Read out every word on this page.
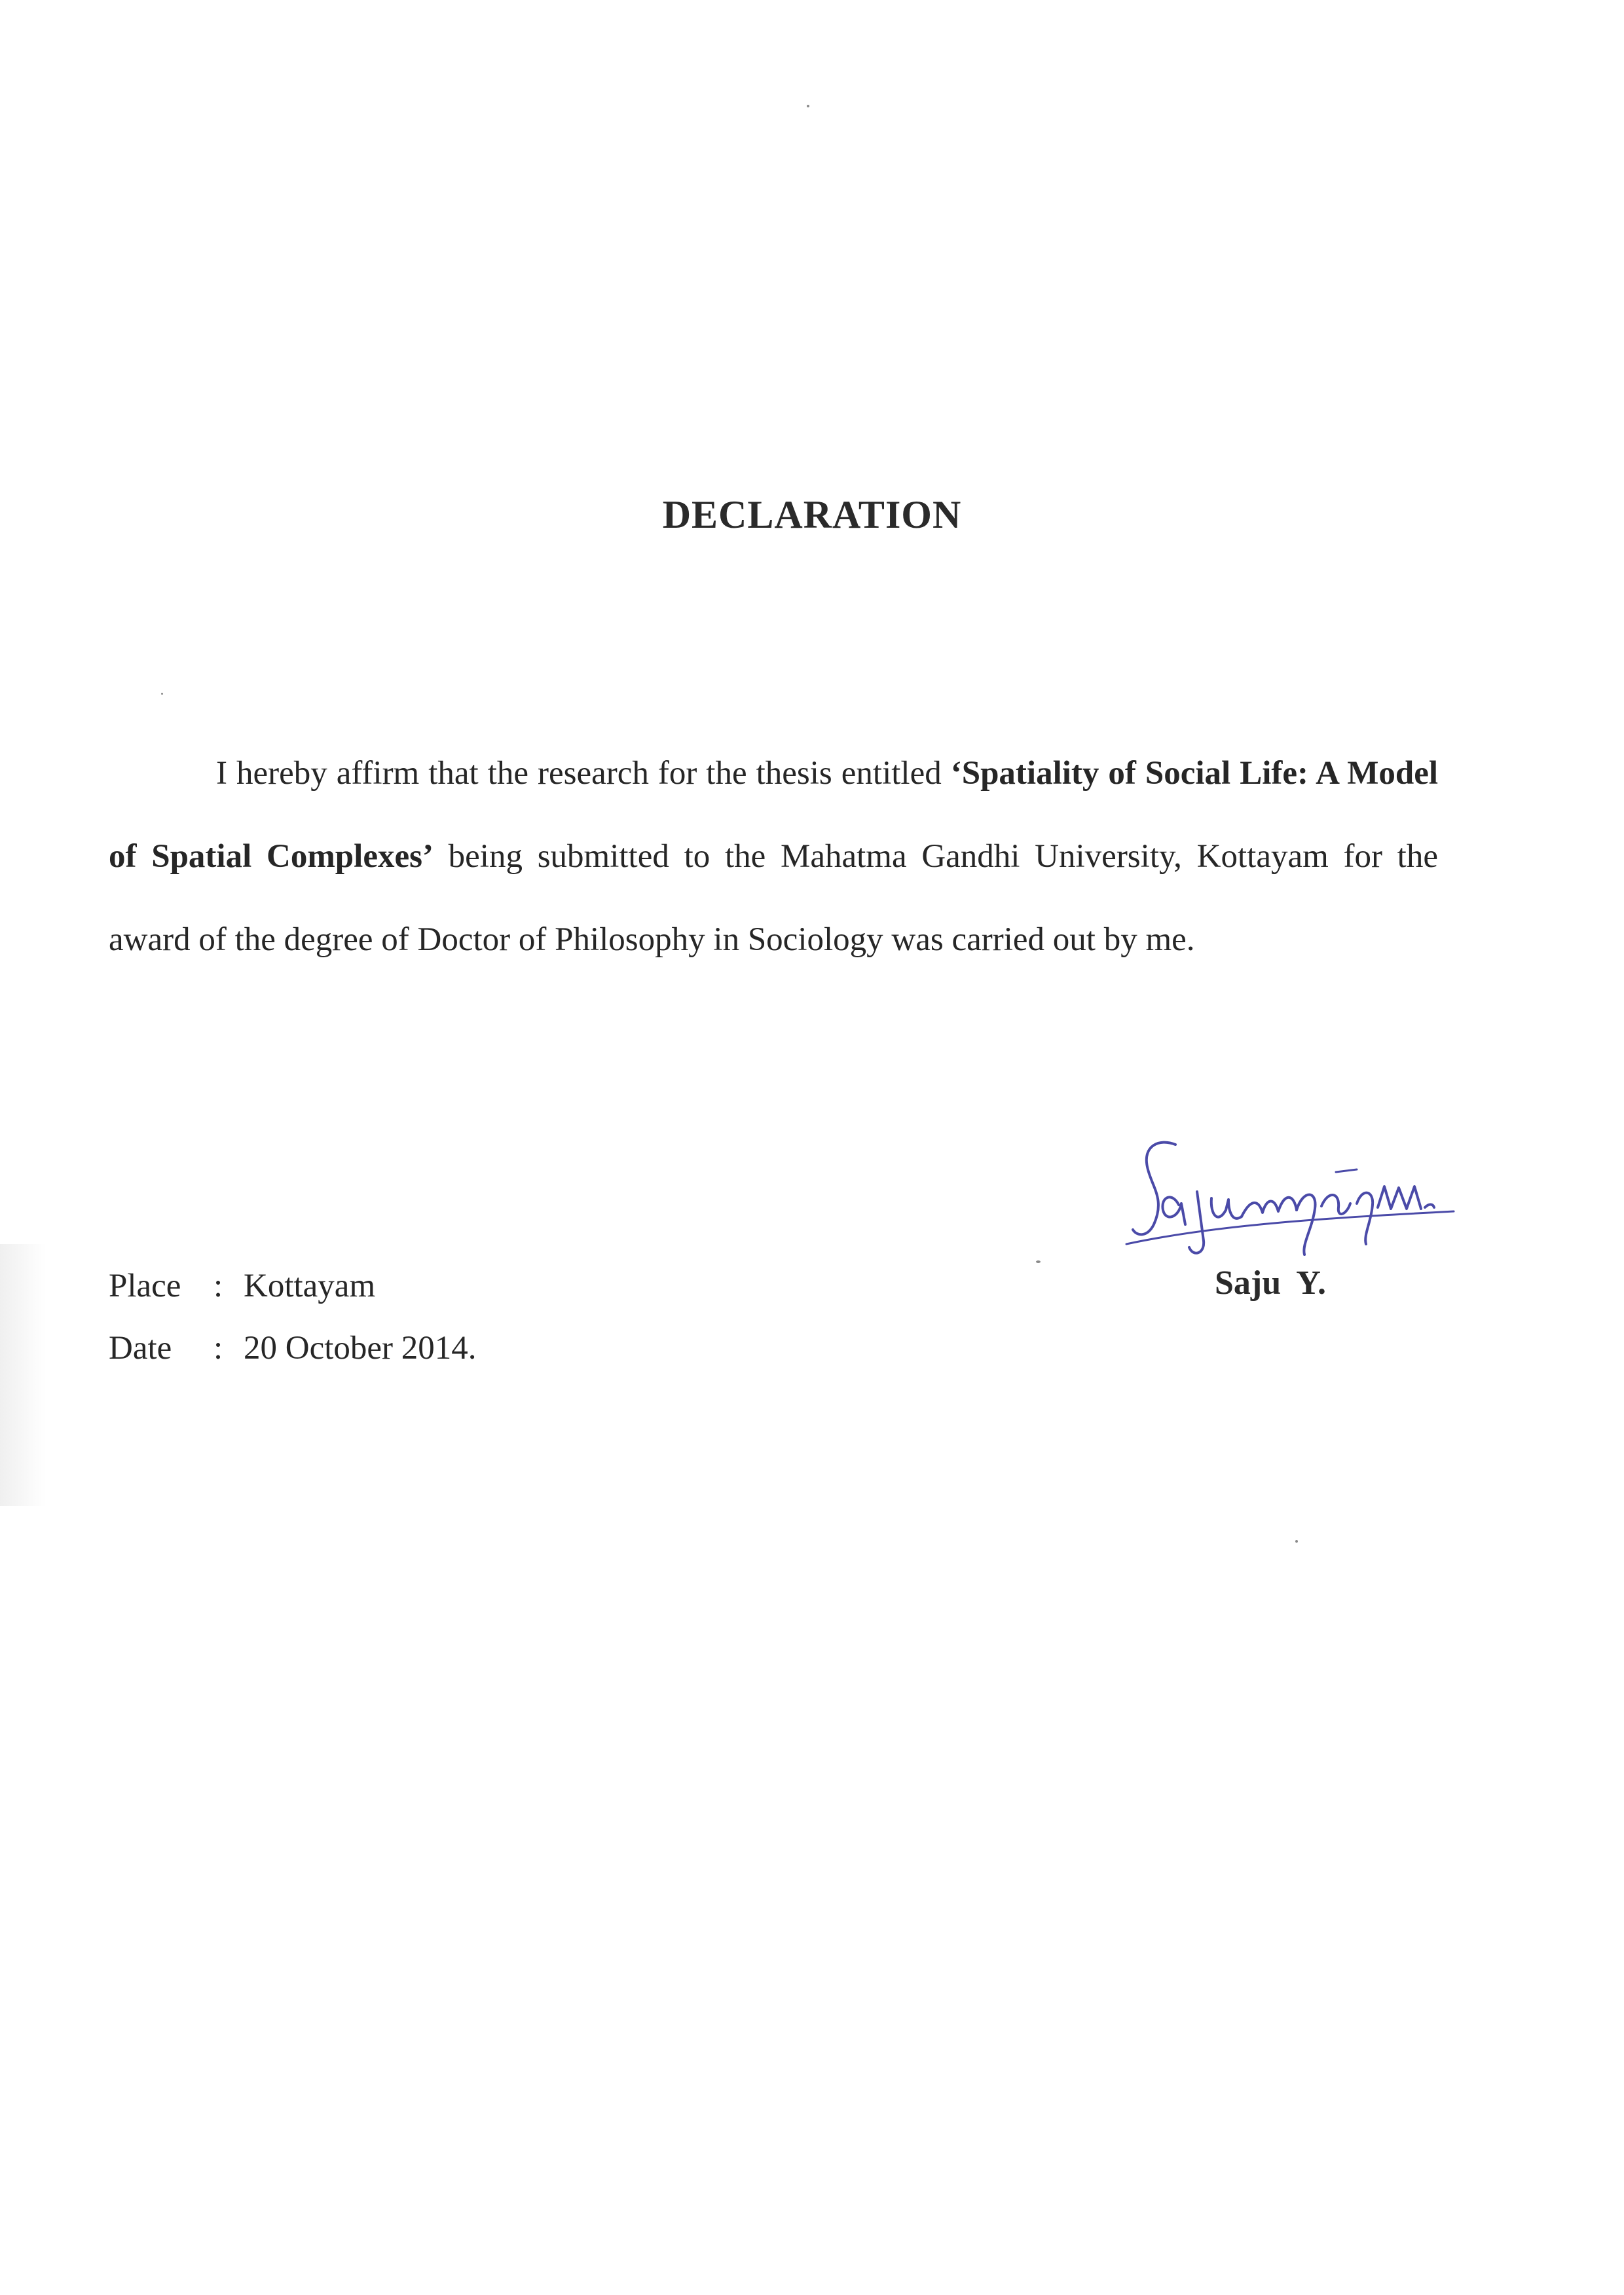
DECLARATION

I hereby affirm that the research for the thesis entitled ‘Spatiality of Social Life: A Model of Spatial Complexes’ being submitted to the Mahatma Gandhi University, Kottayam for the award of the degree of Doctor of Philosophy in Sociology was carried out by me.

Place : Kottayam
Date : 20 October 2014.
Saju Y.
